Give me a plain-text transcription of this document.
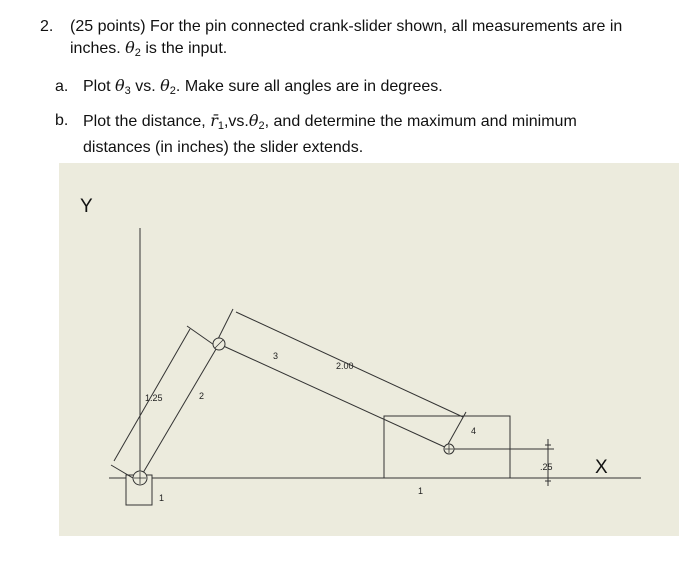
2. (25 points) For the pin connected crank-slider shown, all measurements are in inches. $\theta_2$ is the input.
a. Plot $\theta_3$ vs. $\theta_2$. Make sure all angles are in degrees.
b. Plot the distance, $r̄_1,vs.\theta_2$, and determine the maximum and minimum distances (in inches) the slider extends.
1.25	2
3
2.00
4
.25
1
1
Y
X
